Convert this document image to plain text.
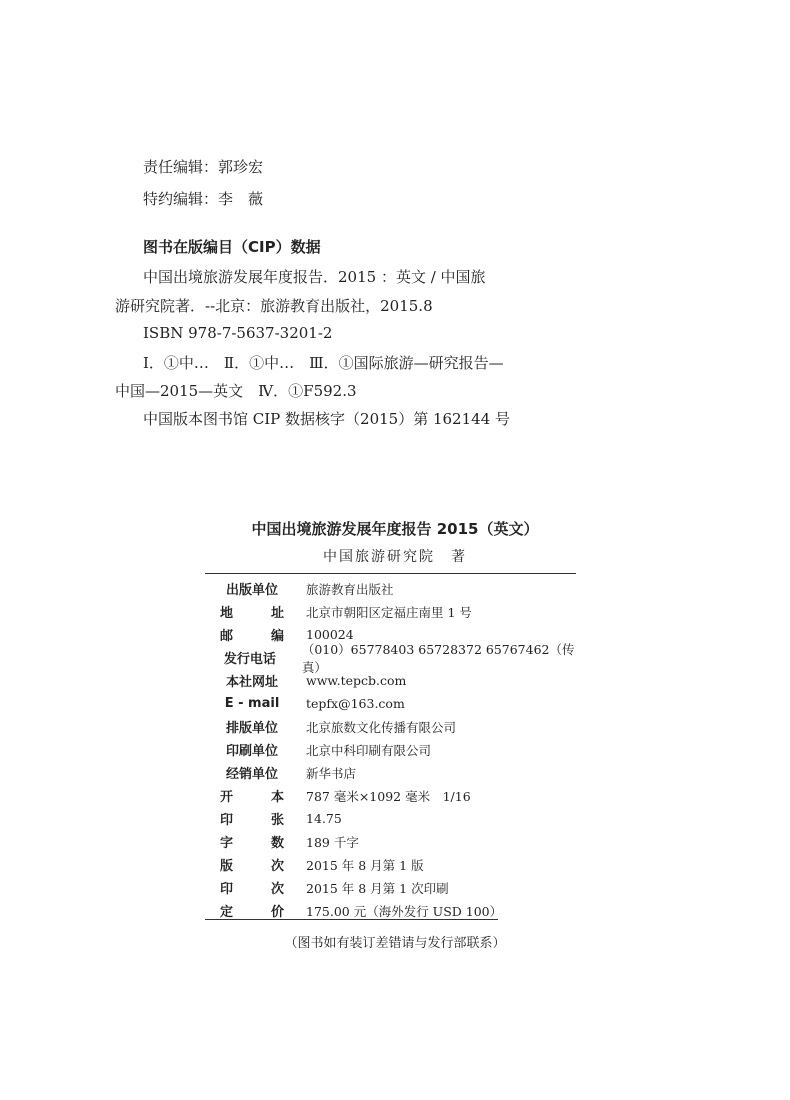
责任编辑：郭珍宏
特约编辑：李　薇
图书在版编目（CIP）数据
中国出境旅游发展年度报告．2015 ：英文 / 中国旅
游研究院著．--北京：旅游教育出版社，2015.8
ISBN 978-7-5637-3201-2
Ⅰ．①中…　Ⅱ．①中…　Ⅲ．①国际旅游—研究报告—
中国—2015—英文　Ⅳ．①F592.3
中国版本图书馆 CIP 数据核字（2015）第 162144 号
中国出境旅游发展年度报告 2015（英文）
中国旅游研究院　著
出版单位	旅游教育出版社
地	址 北京市朝阳区定福庄南里 1 号
邮	编 100024
发行电话
（010）65778403 65728372 65767462（传真）
本社网址	www.tepcb.com
E - mail	tepfx@163.com
排版单位	北京旅数文化传播有限公司
印刷单位	北京中科印刷有限公司
经销单位	新华书店
开	本 787 毫米×1092 毫米　1/16
印	张 14.75
字	数 189 千字
版	次 2015 年 8 月第 1 版
印	次 2015 年 8 月第 1 次印刷
定	价 175.00 元（海外发行 USD 100）
（图书如有装订差错请与发行部联系）
